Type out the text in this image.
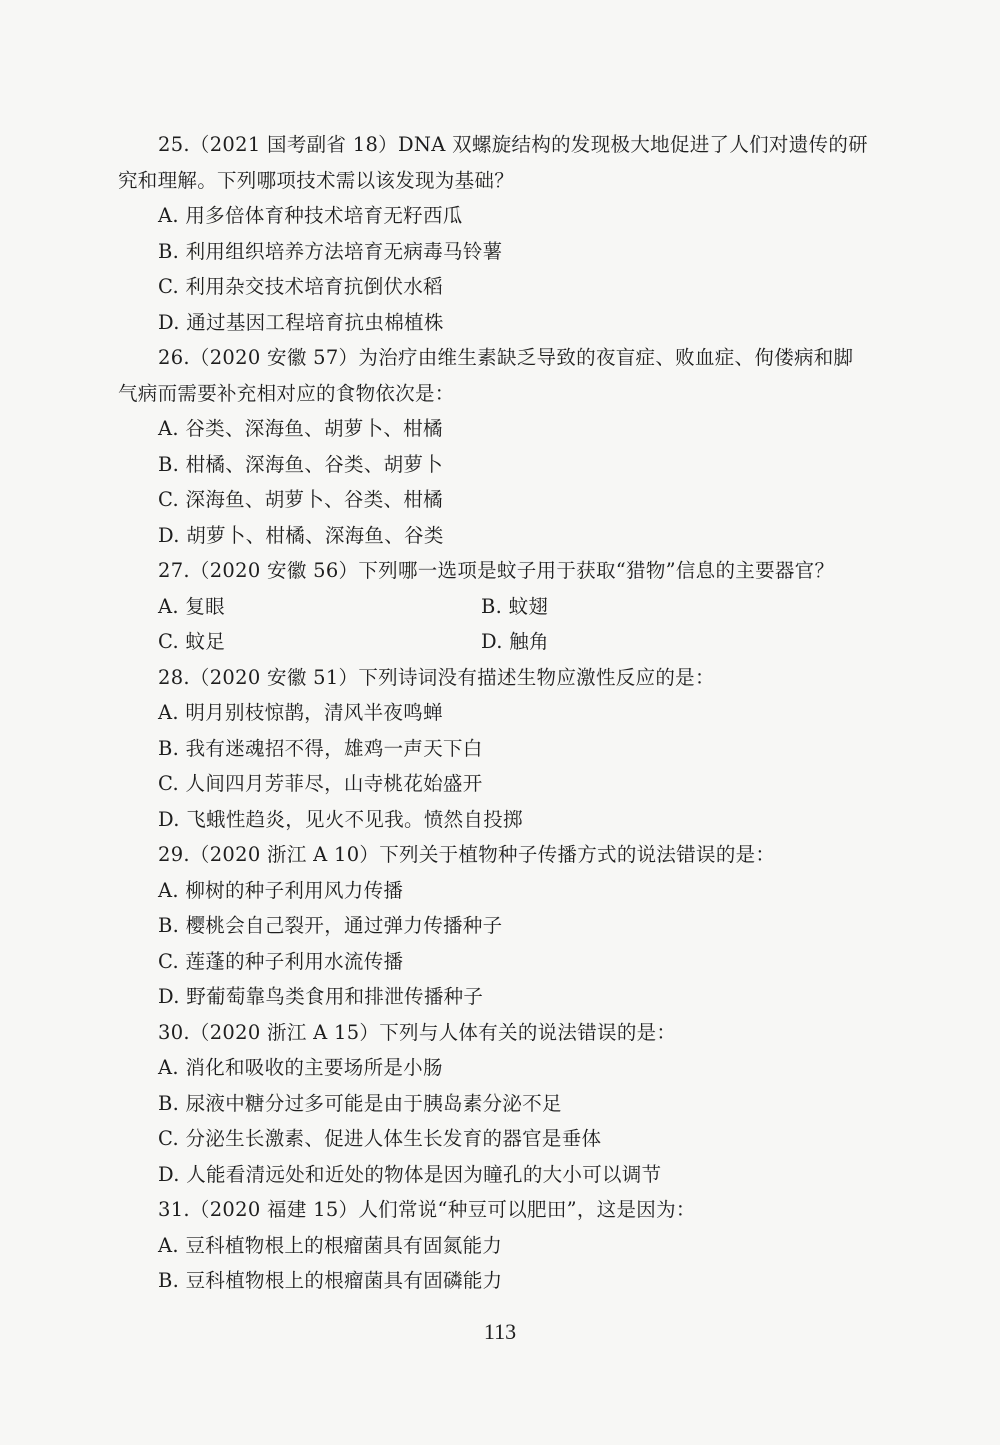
25.（2021 国考副省 18）DNA 双螺旋结构的发现极大地促进了人们对遗传的研
究和理解。下列哪项技术需以该发现为基础？
A. 用多倍体育种技术培育无籽西瓜
B. 利用组织培养方法培育无病毒马铃薯
C. 利用杂交技术培育抗倒伏水稻
D. 通过基因工程培育抗虫棉植株
26.（2020 安徽 57）为治疗由维生素缺乏导致的夜盲症、败血症、佝偻病和脚
气病而需要补充相对应的食物依次是：
A. 谷类、深海鱼、胡萝卜、柑橘
B. 柑橘、深海鱼、谷类、胡萝卜
C. 深海鱼、胡萝卜、谷类、柑橘
D. 胡萝卜、柑橘、深海鱼、谷类
27.（2020 安徽 56）下列哪一选项是蚊子用于获取“猎物”信息的主要器官？
A. 复眼	B. 蚊翅
C. 蚊足	D. 触角
28.（2020 安徽 51）下列诗词没有描述生物应激性反应的是：
A. 明月别枝惊鹊，清风半夜鸣蝉
B. 我有迷魂招不得，雄鸡一声天下白
C. 人间四月芳菲尽，山寺桃花始盛开
D. 飞蛾性趋炎，见火不见我。愤然自投掷
29.（2020 浙江 A 10）下列关于植物种子传播方式的说法错误的是：
A. 柳树的种子利用风力传播
B. 樱桃会自己裂开，通过弹力传播种子
C. 莲蓬的种子利用水流传播
D. 野葡萄靠鸟类食用和排泄传播种子
30.（2020 浙江 A 15）下列与人体有关的说法错误的是：
A. 消化和吸收的主要场所是小肠
B. 尿液中糖分过多可能是由于胰岛素分泌不足
C. 分泌生长激素、促进人体生长发育的器官是垂体
D. 人能看清远处和近处的物体是因为瞳孔的大小可以调节
31.（2020 福建 15）人们常说“种豆可以肥田”，这是因为：
A. 豆科植物根上的根瘤菌具有固氮能力
B. 豆科植物根上的根瘤菌具有固磷能力
113
